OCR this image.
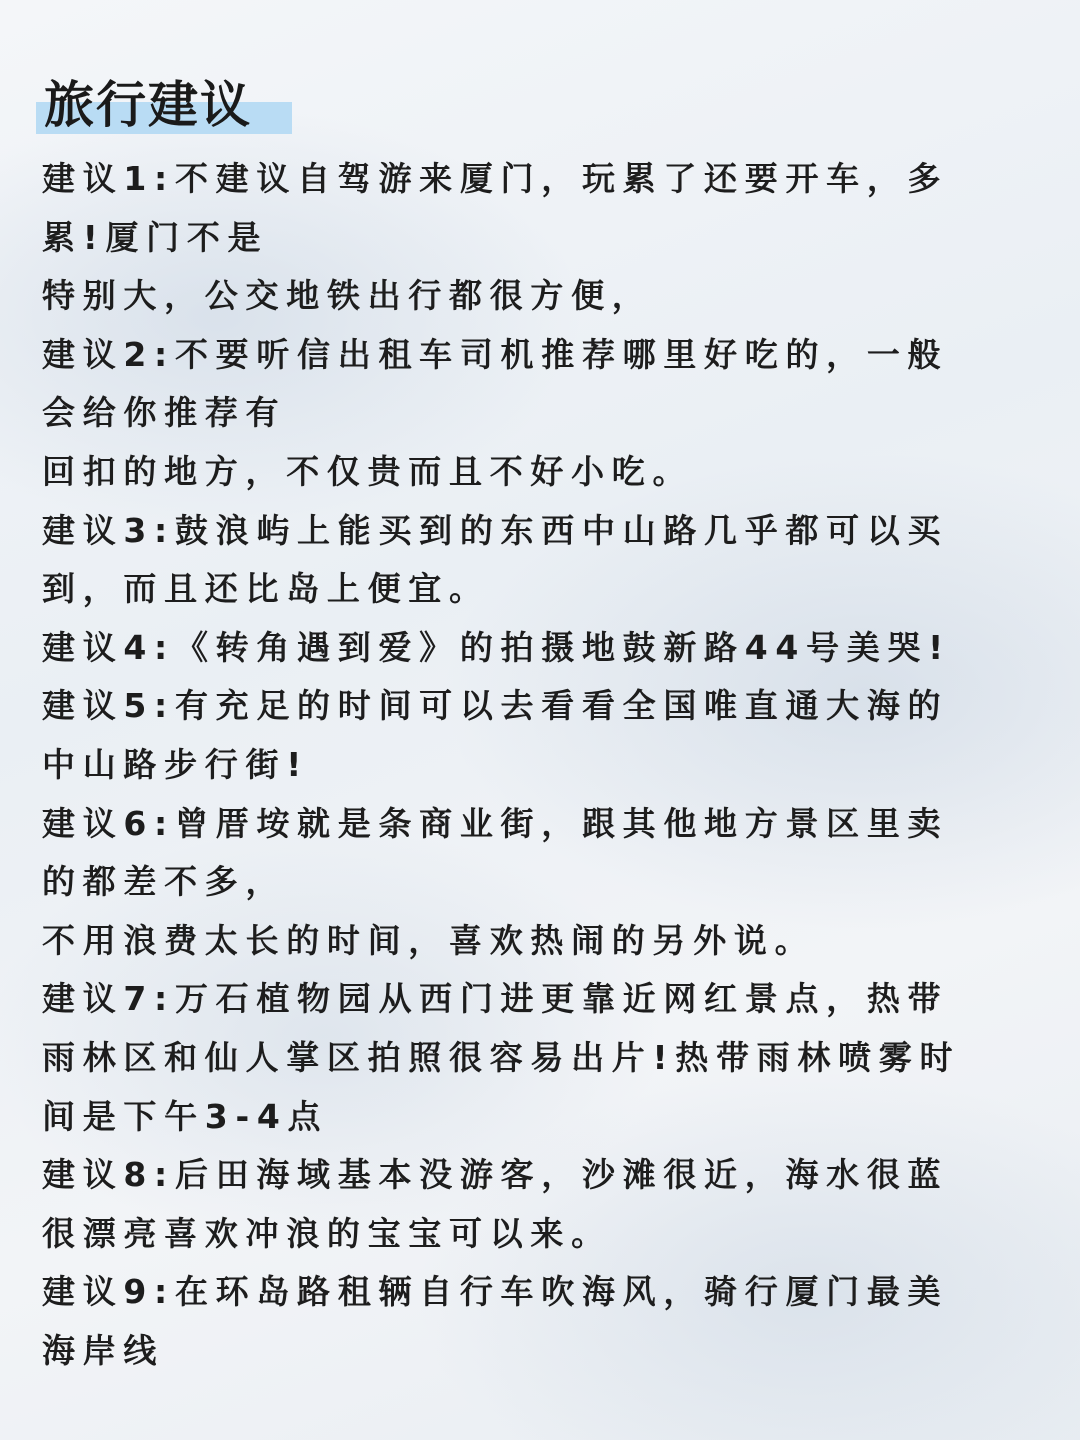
旅行建议
建议1:不建议自驾游来厦门，玩累了还要开车，多
累!厦门不是
特别大，公交地铁出行都很方便，
建议2:不要听信出租车司机推荐哪里好吃的，一般
会给你推荐有
回扣的地方，不仅贵而且不好小吃。
建议3:鼓浪屿上能买到的东西中山路几乎都可以买
到，而且还比岛上便宜。
建议4:《转角遇到爱》的拍摄地鼓新路44号美哭!
建议5:有充足的时间可以去看看全国唯直通大海的
中山路步行街!
建议6:曾厝垵就是条商业街，跟其他地方景区里卖
的都差不多，
不用浪费太长的时间，喜欢热闹的另外说。
建议7:万石植物园从西门进更靠近网红景点，热带
雨林区和仙人掌区拍照很容易出片!热带雨林喷雾时
间是下午3-4点
建议8:后田海域基本没游客，沙滩很近，海水很蓝
很漂亮喜欢冲浪的宝宝可以来。
建议9:在环岛路租辆自行车吹海风，骑行厦门最美
海岸线
